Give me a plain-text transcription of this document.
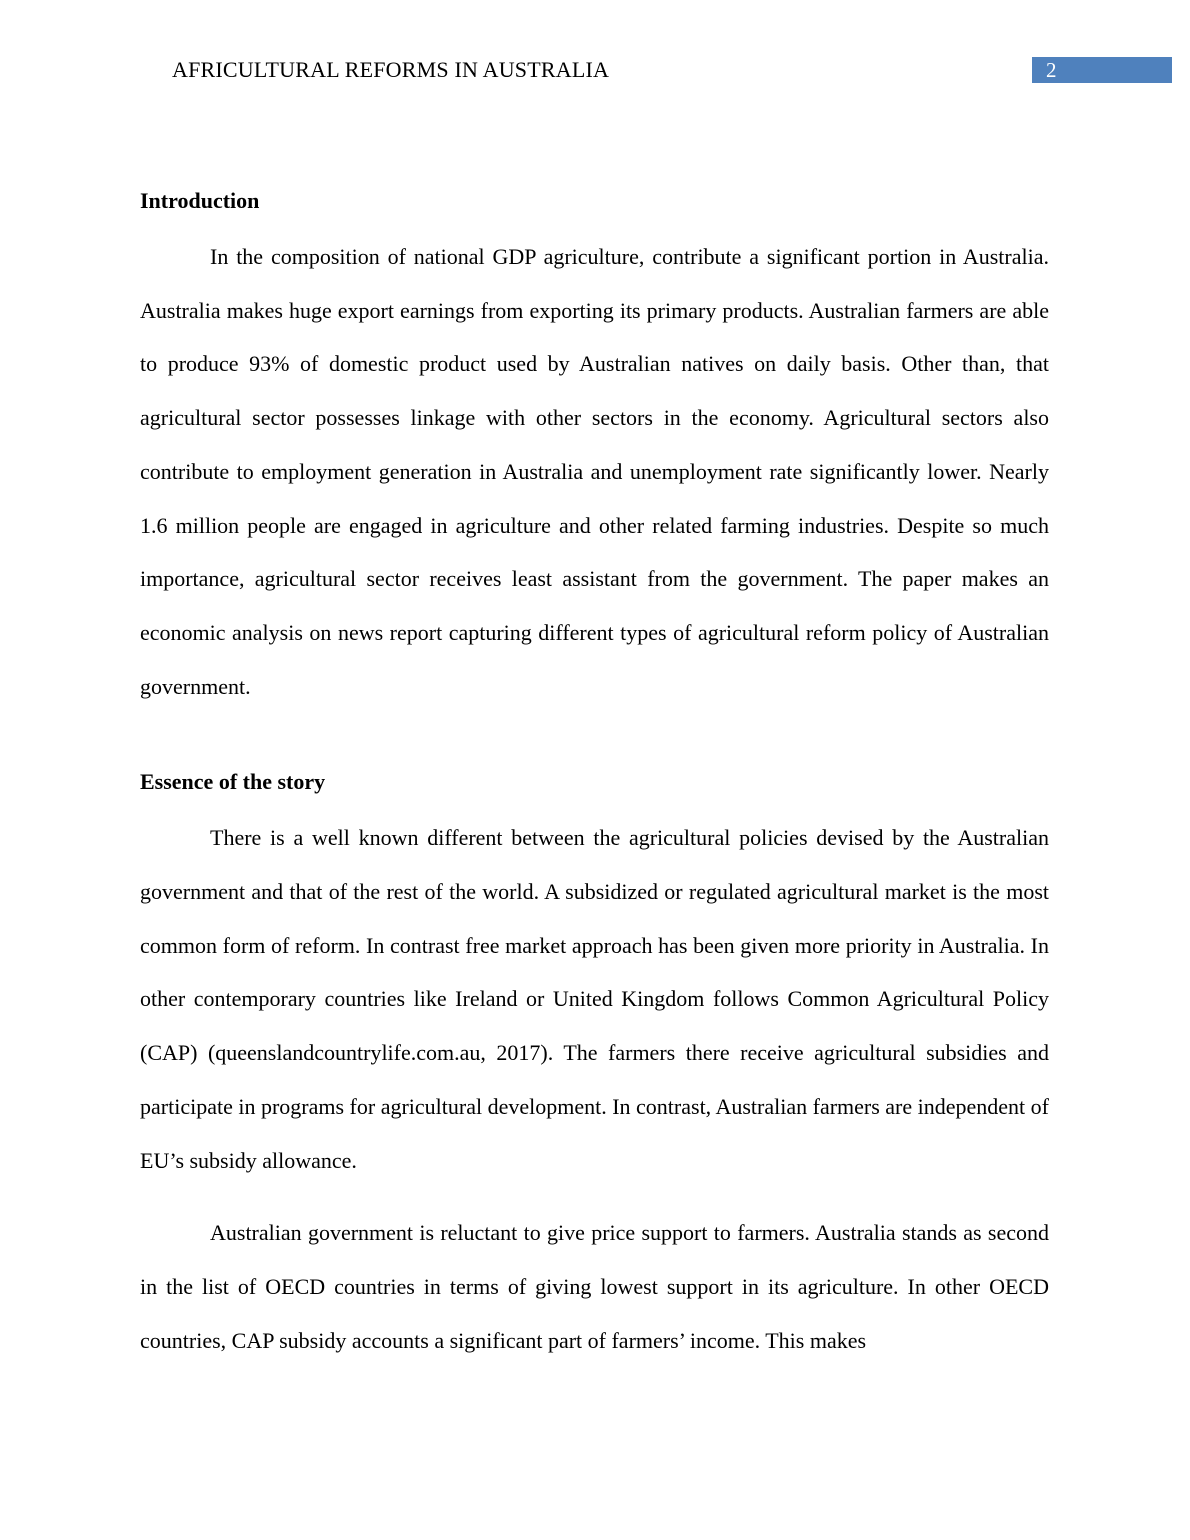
AFRICULTURAL REFORMS IN AUSTRALIA	2
Introduction

In the composition of national GDP agriculture, contribute a significant portion in Australia. Australia makes huge export earnings from exporting its primary products. Australian farmers are able to produce 93% of domestic product used by Australian natives on daily basis. Other than, that agricultural sector possesses linkage with other sectors in the economy. Agricultural sectors also contribute to employment generation in Australia and unemployment rate significantly lower. Nearly 1.6 million people are engaged in agriculture and other related farming industries. Despite so much importance, agricultural sector receives least assistant from the government. The paper makes an economic analysis on news report capturing different types of agricultural reform policy of Australian government.

Essence of the story

There is a well known different between the agricultural policies devised by the Australian government and that of the rest of the world. A subsidized or regulated agricultural market is the most common form of reform. In contrast free market approach has been given more priority in Australia. In other contemporary countries like Ireland or United Kingdom follows Common Agricultural Policy (CAP) (queenslandcountrylife.com.au, 2017). The farmers there receive agricultural subsidies and participate in programs for agricultural development. In contrast, Australian farmers are independent of EU’s subsidy allowance.

Australian government is reluctant to give price support to farmers. Australia stands as second in the list of OECD countries in terms of giving lowest support in its agriculture. In other OECD countries, CAP subsidy accounts a significant part of farmers’ income. This makes
